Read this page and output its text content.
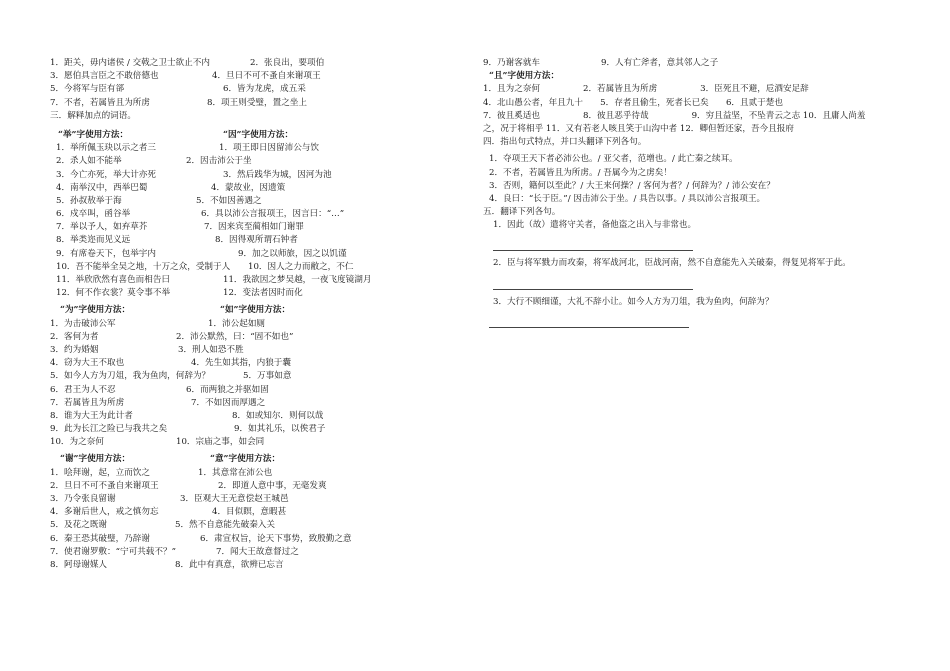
1．距关，毋内诸侯 / 交戟之卫士欲止不内	2．张良出，要项伯
3．愿伯具言臣之不敢倍德也	4．旦日不可不蚤自来谢项王
5．今将军与臣有郤	6．皆为龙虎，成五采
7．不者，若属皆且为所虏	8．项王则受璧，置之坐上
三．解释加点的词语。
“举”字使用方法：	“因”字使用方法：
1．举所佩玉玦以示之者三	1．项王即日因留沛公与饮
2．杀人如不能举	2．因击沛公于坐
3．今亡亦死，举大计亦死	3．然后践华为城，因河为池
4．南举汉中，西举巴蜀	4．蒙故业，因遗策
5．孙叔敖举于海	5．不如因善遇之
6．戍卒叫，函谷举	6．具以沛公言报项王，因言曰：“…”
7．举以予人，如弃草芥	7．因来宾至蔺相如门谢罪
8．举类迩而见义远	8．因得观所谓石钟者
9．有席卷天下，包举宇内	9．加之以师旅，因之以饥谨
10．吾不能举全吴之地，十万之众，受制于人	10．因人之力而敝之，不仁
11．举欣欣然有喜色而相告曰	11．我欲因之梦吴越，一夜飞度镜湖月
12．何不作衣裳？莫令事不举	12．变法者因时而化
“为”字使用方法：	“如”字使用方法：
1．为击破沛公军	1．沛公起如厕
2．客何为者	2．沛公默然，曰：“固不如也”
3．约为婚姻	3．刑人如恐不胜
4．窃为大王不取也	4．先生如其指，内狼于囊
5．如今人方为刀俎，我为鱼肉，何辞为？	5．万事如意
6．君王为人不忍	6．而两狼之并驱如固
7．若属皆且为所虏	7．不如因而厚遇之
8．谁为大王为此计者	8．如或知尔．则何以哉
9．此为长江之险已与我共之矣	9．如其礼乐，以俟君子
10．为之奈何	10．宗庙之事，如会同
“谢”字使用方法：	“意”字使用方法：
1．哙拜谢，起，立而饮之	1．其意常在沛公也
2．旦日不可不蚤自来谢项王	2．即道人意中事，无毫发爽
3．乃令张良留谢	3．臣观大王无意偿赵王城邑
4．多谢后世人，戒之慎勿忘	4．目似瞑，意暇甚
5．及花之既谢	5．然不自意能先破秦入关
6．秦王恐其破璧，乃辞谢	6．肃宣权旨，论天下事势，致殷勤之意
7．使君谢罗敷：“宁可共载不？”	7．闻大王故意督过之
8．阿母谢媒人	8．此中有真意，欲辨已忘言
9．乃谢客就车	9．人有亡斧者，意其邻人之子
“且”字使用方法：
1．且为之奈何　　　　　2．若属皆且为所虏　　　　　3．臣死且不避，卮酒安足辞
4．北山愚公者，年且九十　　5．存者且偷生，死者长已矣　　6．且贰于楚也
7．彼且奚适也　　　　　8．彼且恶乎待哉　　　　　9．穷且益坚，不坠青云之志 10．且庸人尚羞
之，况于将相乎 11．又有若老人咳且笑于山沟中者 12．卿但暂还家，吾今且报府
四．指出句式特点，并口头翻译下列各句。
1．夺项王天下者必沛公也。/ 亚父者，范增也。/ 此亡秦之续耳。
2．不者，若属皆且为所虏。/ 吾属今为之虏矣！
3．否则，籍何以至此？/ 大王来何操？/ 客何为者？/ 何辞为？/ 沛公安在？
4．良曰：“长于臣。”/ 因击沛公于坐。/ 具告以事。/ 具以沛公言报项王。
五．翻译下列各句。
1．因此（故）遣将守关者，备他盗之出入与非常也。
2．臣与将军戮力而攻秦，将军战河北，臣战河南，然不自意能先入关破秦，得复见将军于此。
3．大行不顾细谨，大礼不辞小让。如今人方为刀俎，我为鱼肉，何辞为？
